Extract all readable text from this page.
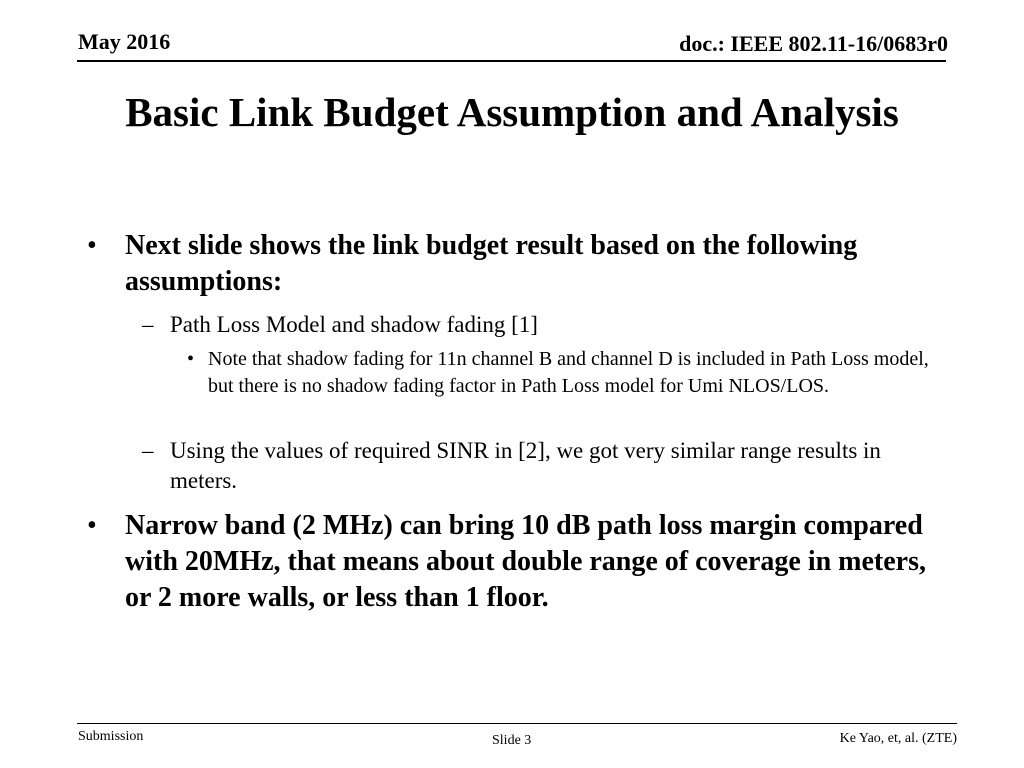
May 2016	doc.: IEEE 802.11-16/0683r0
Basic Link Budget Assumption and Analysis
• Next slide shows the link budget result based on the following assumptions:
– Path Loss Model and shadow fading [1]
• Note that shadow fading for 11n channel B and channel D is included in Path Loss model, but there is no shadow fading factor in Path Loss model for Umi NLOS/LOS.
– Using the values of required SINR in [2], we got very similar range results in meters.
• Narrow band (2 MHz) can bring 10 dB path loss margin compared with 20MHz, that means about double range of coverage in meters, or 2 more walls, or less than 1 floor.
Submission	Slide 3	Ke Yao, et, al. (ZTE)
